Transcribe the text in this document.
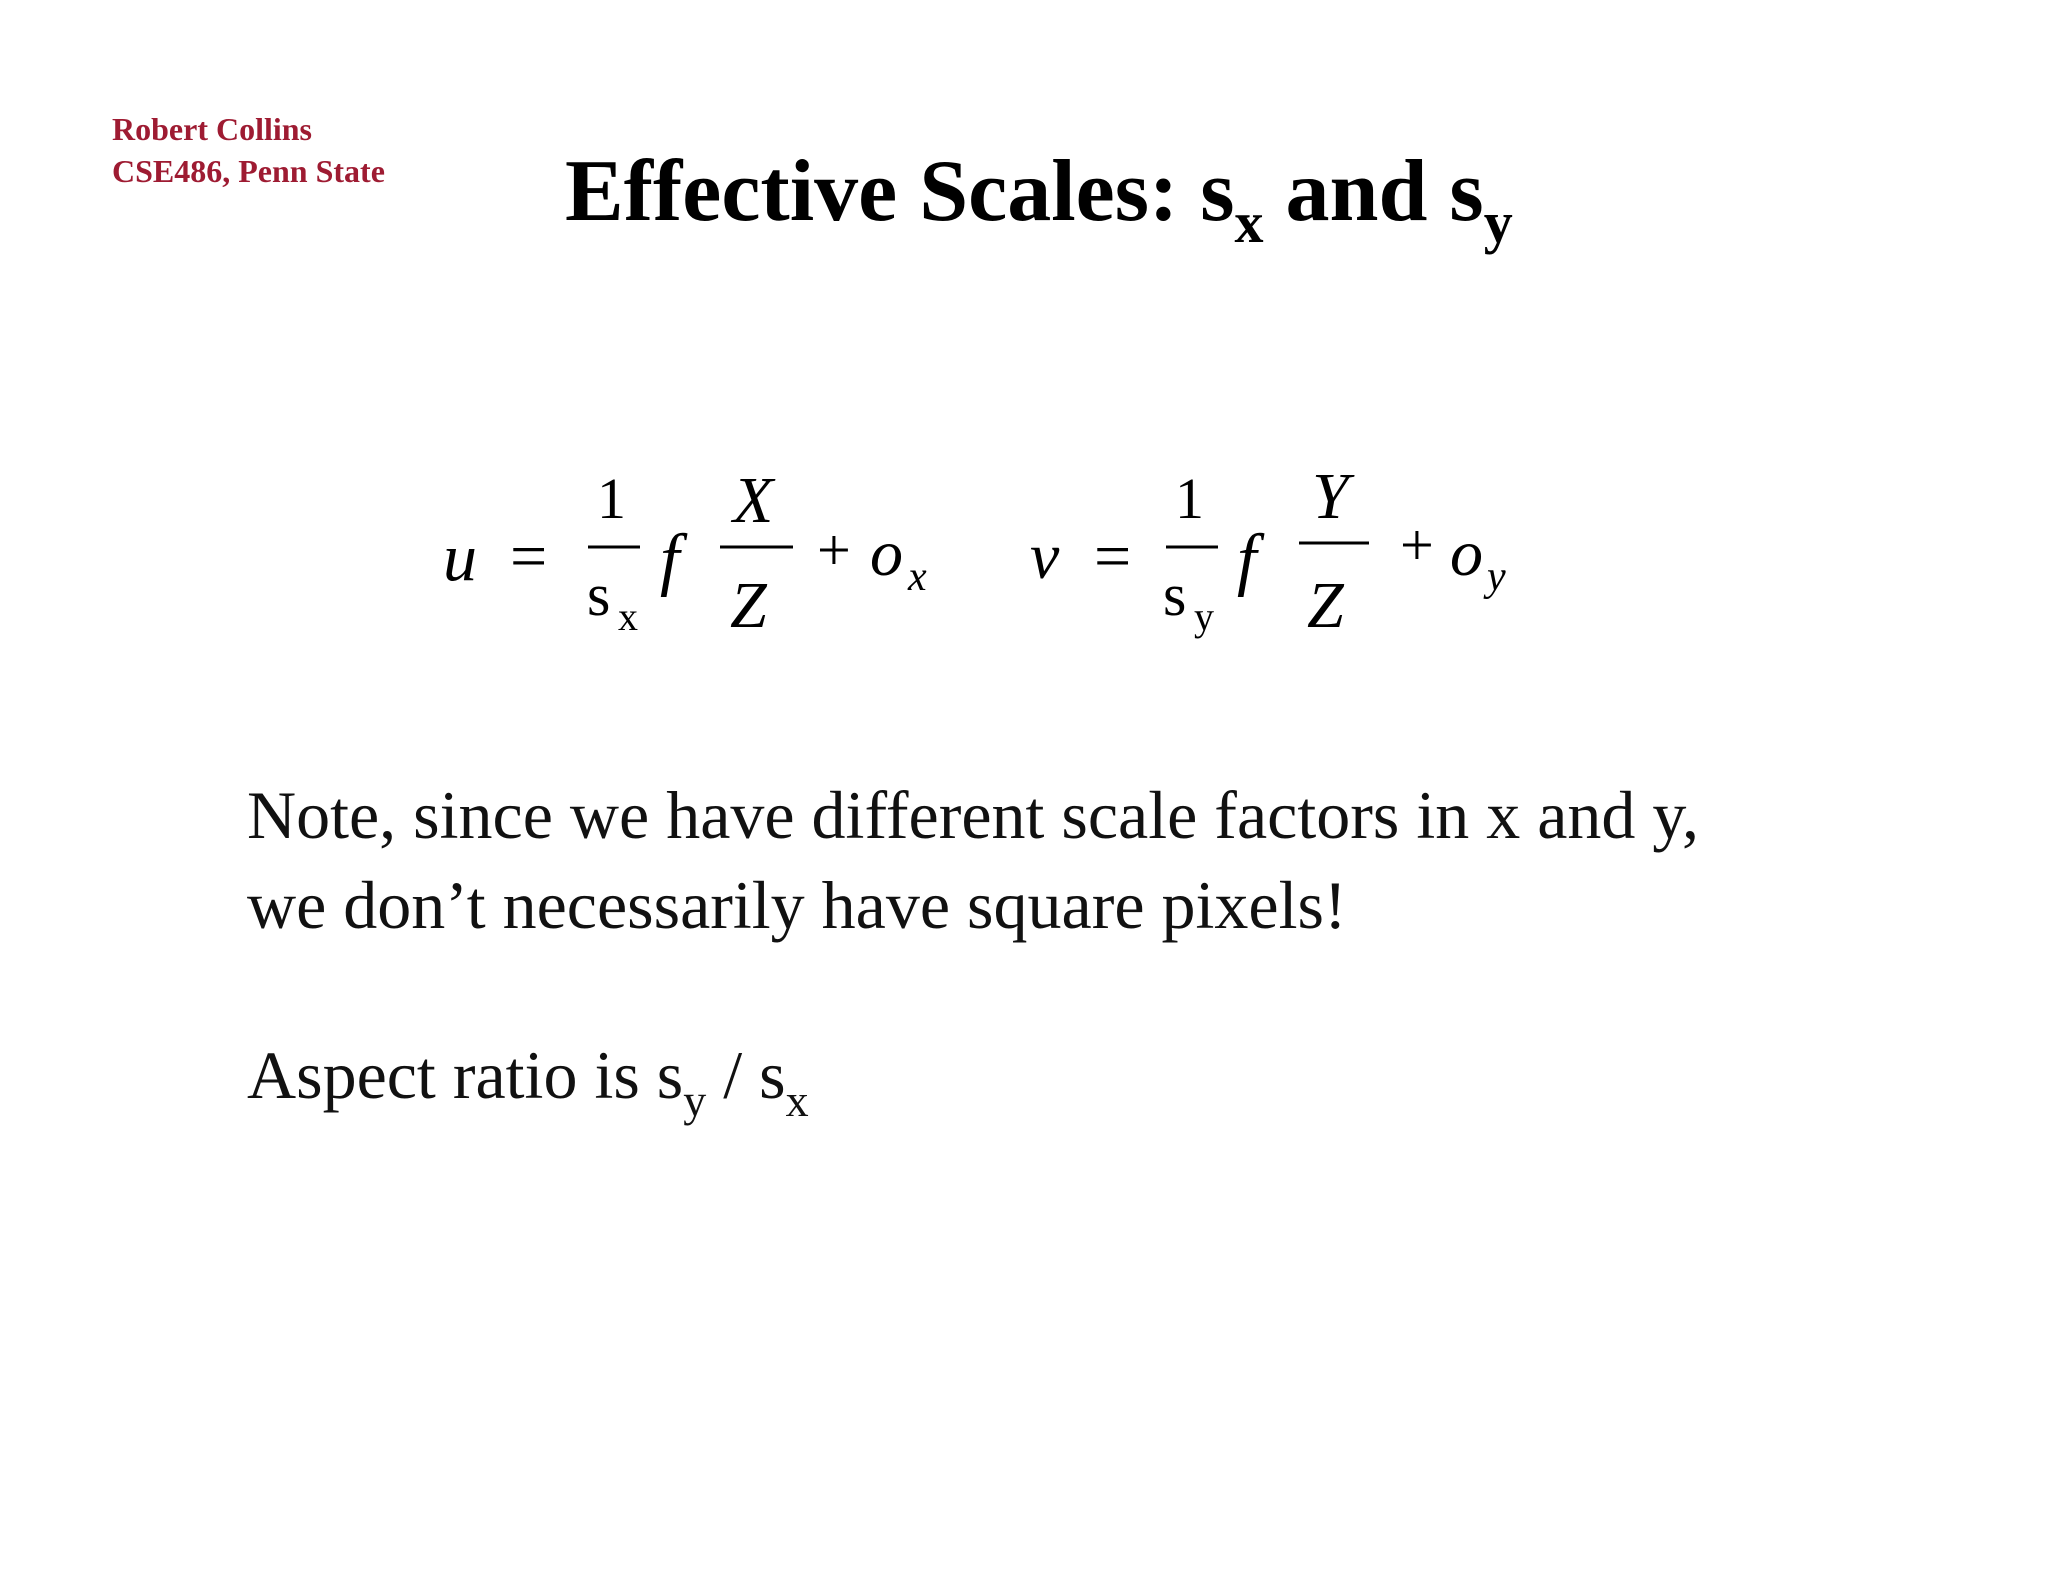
Robert Collins
CSE486, Penn State Effective Scales: $s_x$ and $s_y$
u =
1
s x
f
X
Z
+ o x v =
1
s y
f
Y
Z
+ o y
Note, since we have different scale factors in x and y,
we don’t necessarily have square pixels!
Aspect ratio is $s_y / s_x$
